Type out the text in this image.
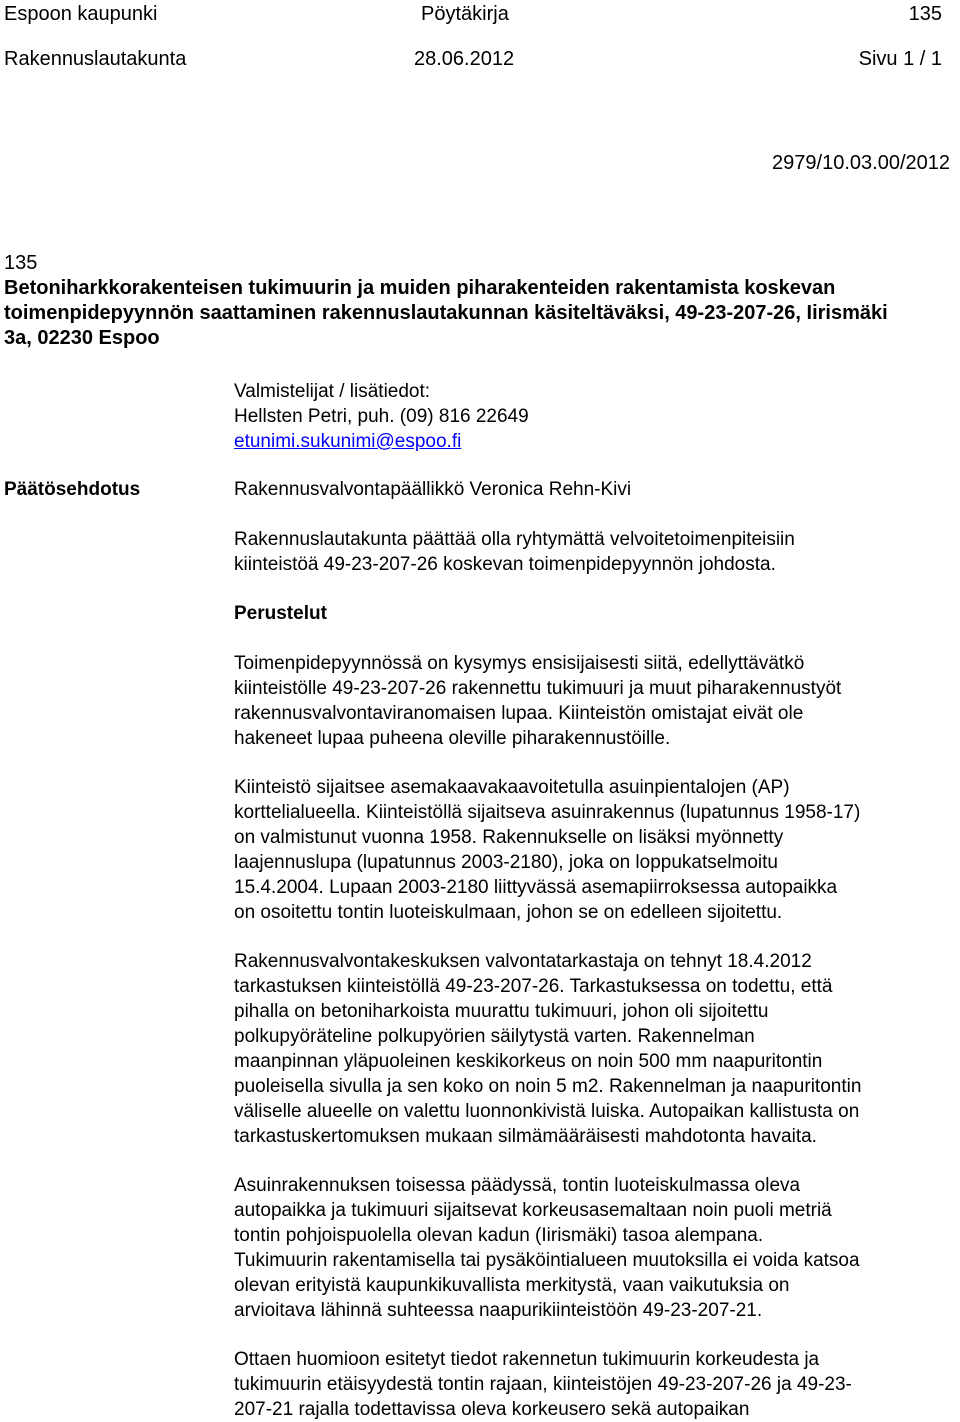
Espoon kaupunki	Pöytäkirja	135
Rakennuslautakunta	28.06.2012	Sivu 1 / 1
2979/10.03.00/2012
135
Betoniharkkorakenteisen tukimuurin ja muiden piharakenteiden rakentamista koskevan
toimenpidepyynnön saattaminen rakennuslautakunnan käsiteltäväksi, 49-23-207-26, Iirismäki
3a, 02230 Espoo
Valmistelijat / lisätiedot:
Hellsten Petri, puh. (09) 816 22649
etunimi.sukunimi@espoo.fi
Päätösehdotus	Rakennusvalvontapäällikkö Veronica Rehn-Kivi
Rakennuslautakunta päättää olla ryhtymättä velvoitetoimenpiteisiin
kiinteistöä 49-23-207-26 koskevan toimenpidepyynnön johdosta.
Perustelut
Toimenpidepyynnössä on kysymys ensisijaisesti siitä, edellyttävätkö
kiinteistölle 49-23-207-26 rakennettu tukimuuri ja muut piharakennustyöt
rakennusvalvontaviranomaisen lupaa. Kiinteistön omistajat eivät ole
hakeneet lupaa puheena oleville piharakennustöille.
Kiinteistö sijaitsee asemakaavakaavoitetulla asuinpientalojen (AP)
korttelialueella. Kiinteistöllä sijaitseva asuinrakennus (lupatunnus 1958-17)
on valmistunut vuonna 1958. Rakennukselle on lisäksi myönnetty
laajennuslupa (lupatunnus 2003-2180), joka on loppukatselmoitu
15.4.2004. Lupaan 2003-2180 liittyvässä asemapiirroksessa autopaikka
on osoitettu tontin luoteiskulmaan, johon se on edelleen sijoitettu.
Rakennusvalvontakeskuksen valvontatarkastaja on tehnyt 18.4.2012
tarkastuksen kiinteistöllä 49-23-207-26. Tarkastuksessa on todettu, että
pihalla on betoniharkoista muurattu tukimuuri, johon oli sijoitettu
polkupyöräteline polkupyörien säilytystä varten. Rakennelman
maanpinnan yläpuoleinen keskikorkeus on noin 500 mm naapuritontin
puoleisella sivulla ja sen koko on noin 5 m2. Rakennelman ja naapuritontin
väliselle alueelle on valettu luonnonkivistä luiska. Autopaikan kallistusta on
tarkastuskertomuksen mukaan silmämääräisesti mahdotonta havaita.
Asuinrakennuksen toisessa päädyssä, tontin luoteiskulmassa oleva
autopaikka ja tukimuuri sijaitsevat korkeusasemaltaan noin puoli metriä
tontin pohjoispuolella olevan kadun (Iirismäki) tasoa alempana.
Tukimuurin rakentamisella tai pysäköintialueen muutoksilla ei voida katsoa
olevan erityistä kaupunkikuvallista merkitystä, vaan vaikutuksia on
arvioitava lähinnä suhteessa naapurikiinteistöön 49-23-207-21.
Ottaen huomioon esitetyt tiedot rakennetun tukimuurin korkeudesta ja
tukimuurin etäisyydestä tontin rajaan, kiinteistöjen 49-23-207-26 ja 49-23-
207-21 rajalla todettavissa oleva korkeusero sekä autopaikan
